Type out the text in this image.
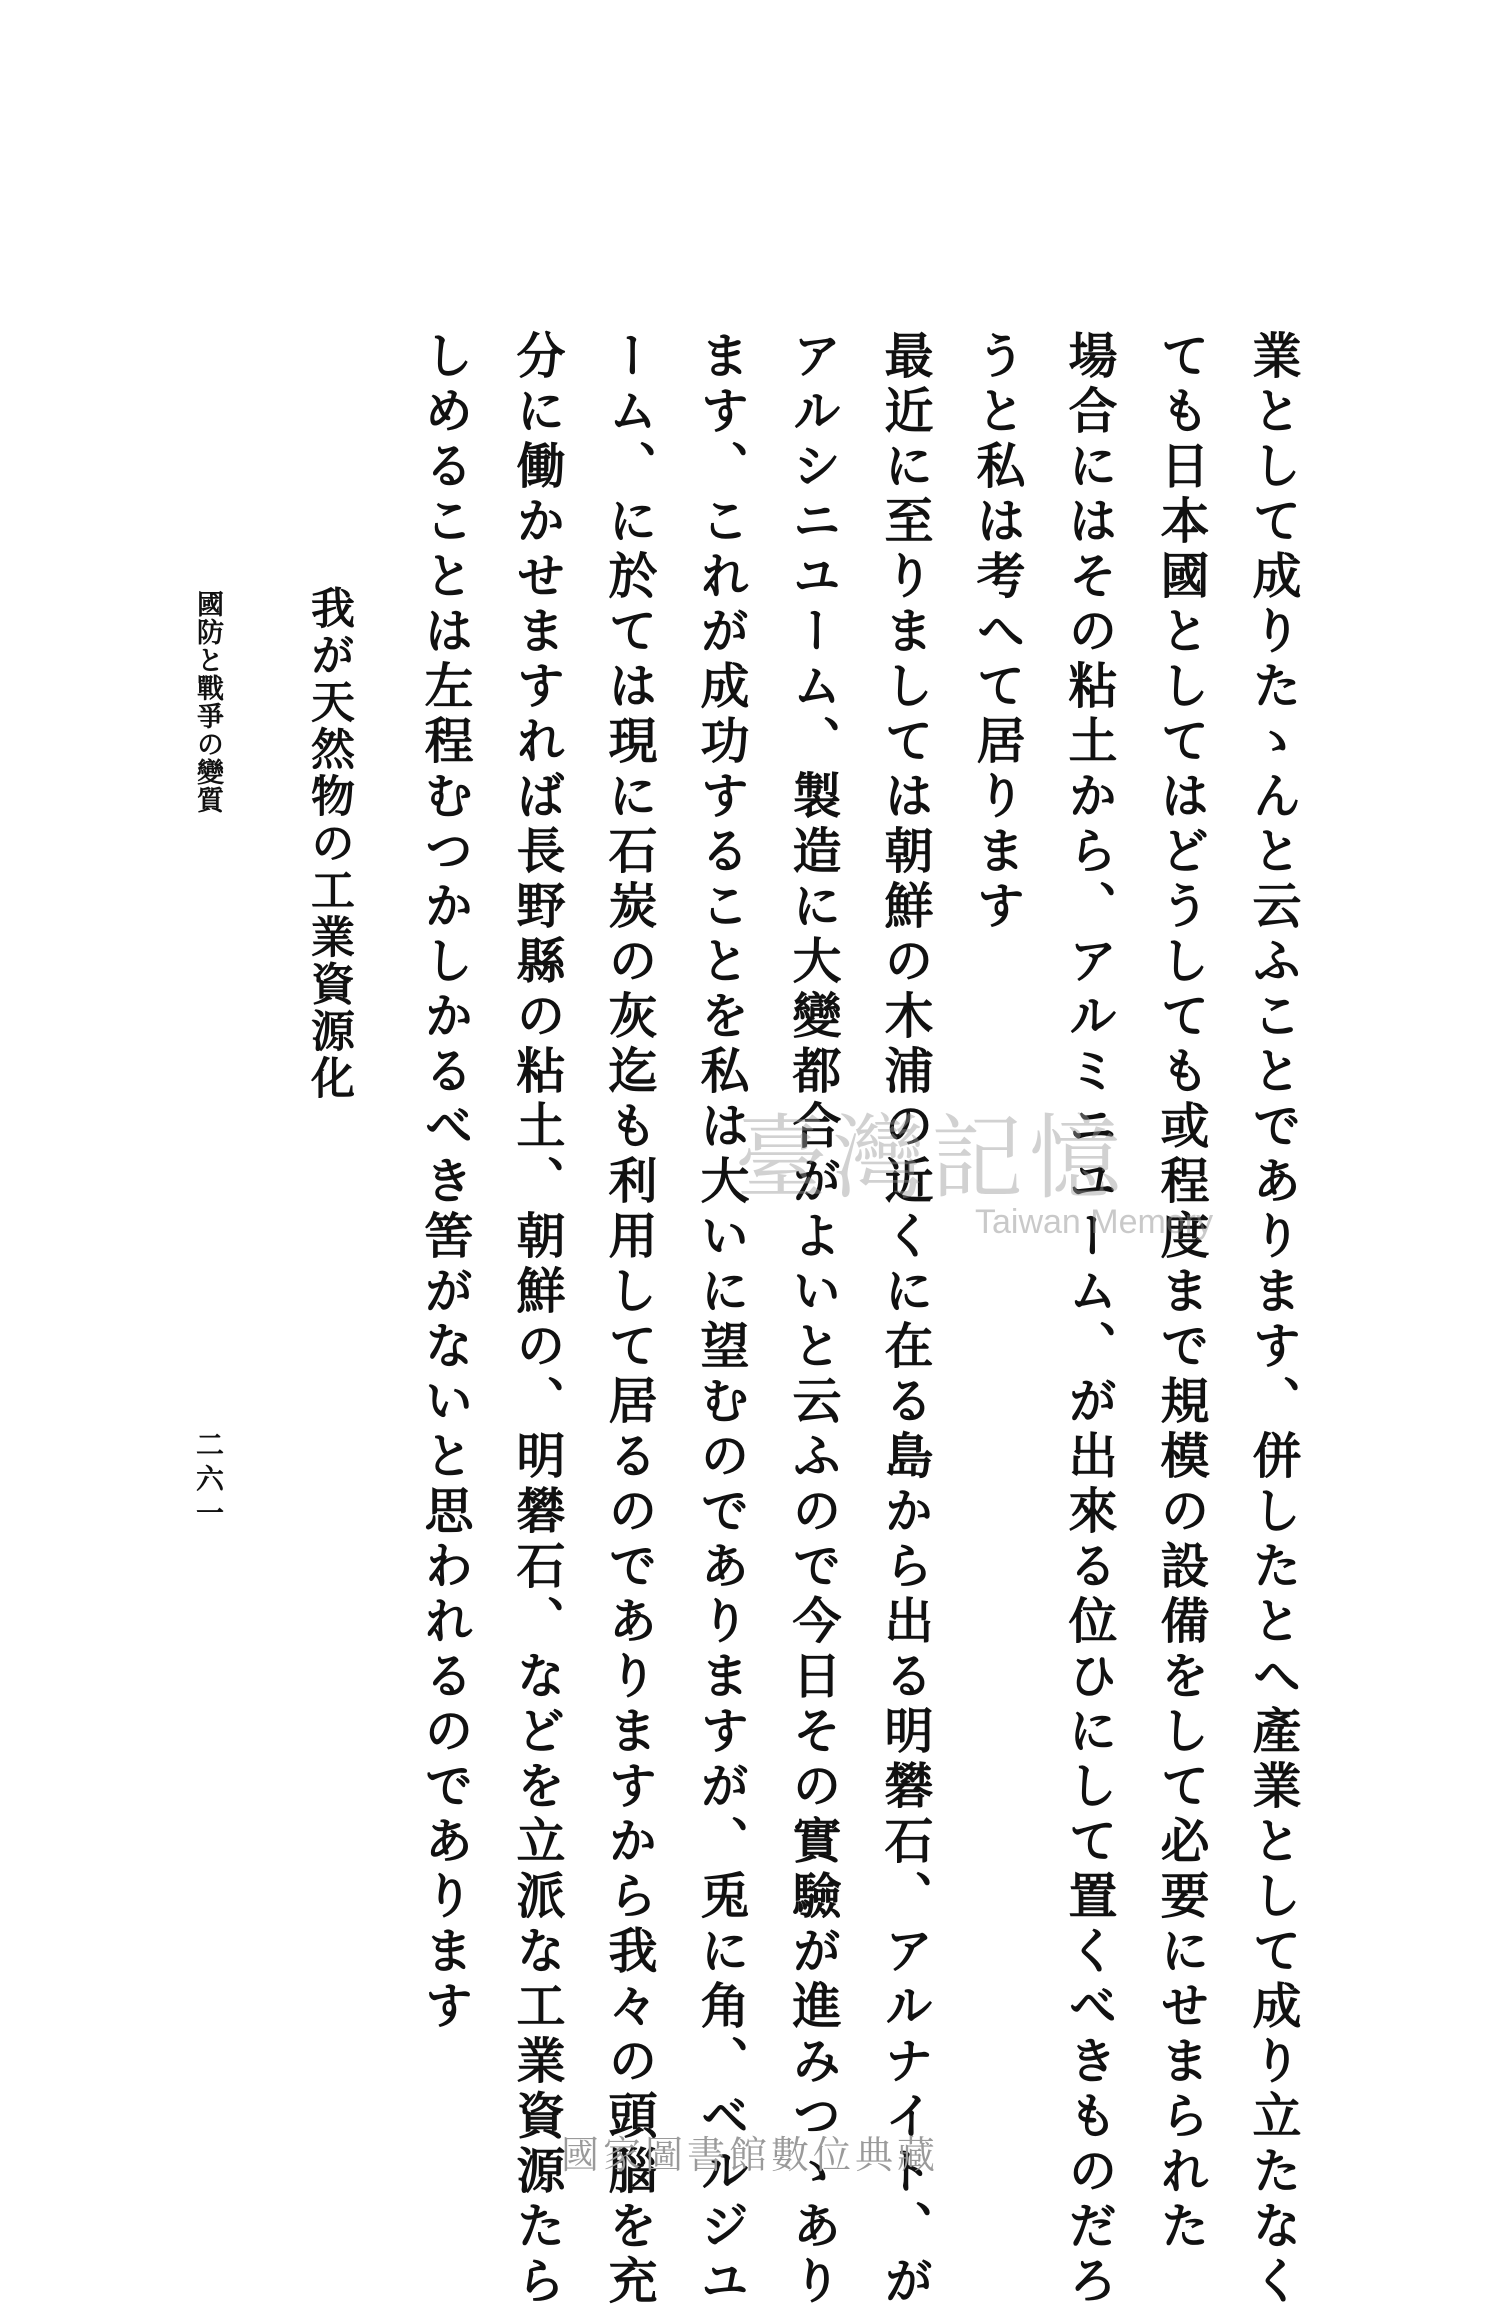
業として成りたゝんと云ふことであります、併したとへ產業として成り立たなく
ても日本國としてはどうしても或程度まで規模の設備をして必要にせまられた
場合にはその粘土から、アルミニユーム、が出來る位ひにして置くべきものだろ
うと私は考へて居ります
最近に至りましては朝鮮の木浦の近くに在る島から出る明礬石、アルナイト、が
アルシニユーム、製造に大變都合がよいと云ふので今日その實驗が進みつゝあり
ます、これが成功することを私は大いに望むのでありますが、兎に角、ベルジユ
ーム、に於ては現に石炭の灰迄も利用して居るのでありますから我々の頭腦を充
分に働かせますれば長野縣の粘土、朝鮮の、明礬石、などを立派な工業資源たら
しめることは左程むつかしかるべき筈がないと思われるのであります
我が天然物の工業資源化
國防と戰爭の變質
二六一
臺灣記憶
Taiwan Memory
國家圖書館數位典藏
